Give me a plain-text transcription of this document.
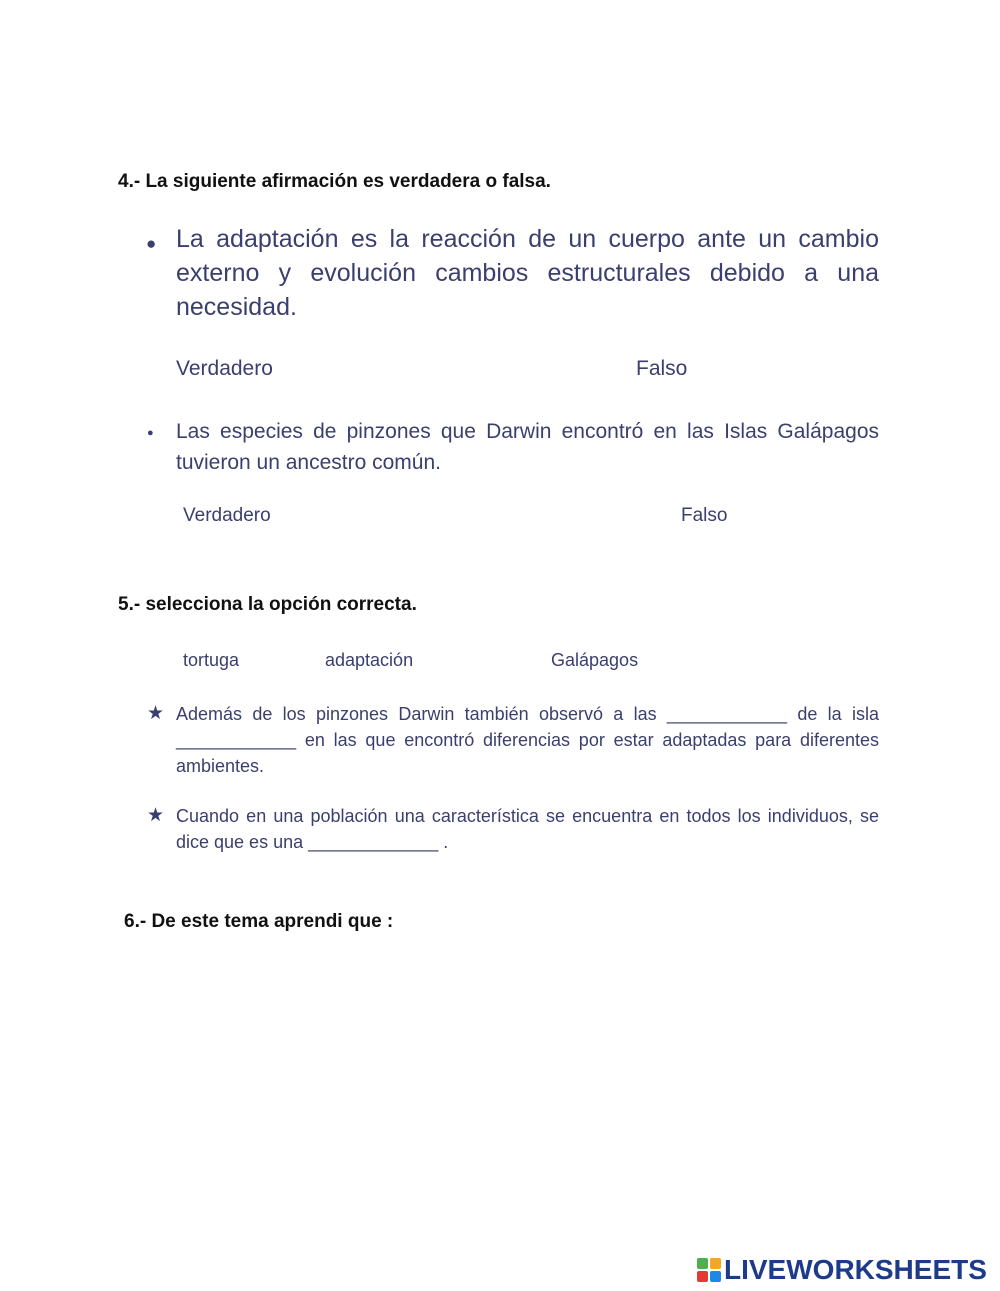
4.- La siguiente afirmación es verdadera o falsa.
● La adaptación es la reacción de un cuerpo ante un cambio externo y evolución cambios estructurales debido a una necesidad.
Verdadero	Falso
● Las especies de pinzones que Darwin encontró en las Islas Galápagos tuvieron un ancestro común.
Verdadero	Falso
5.- selecciona la opción correcta.
tortuga	adaptación	Galápagos
★ Además de los pinzones Darwin también observó a las ____________ de la isla ____________ en las que encontró diferencias por estar adaptadas para diferentes ambientes.
★ Cuando en una población una característica se encuentra en todos los individuos, se dice que es una _____________ .
6.- De este tema aprendi que :
LIVEWORKSHEETS
